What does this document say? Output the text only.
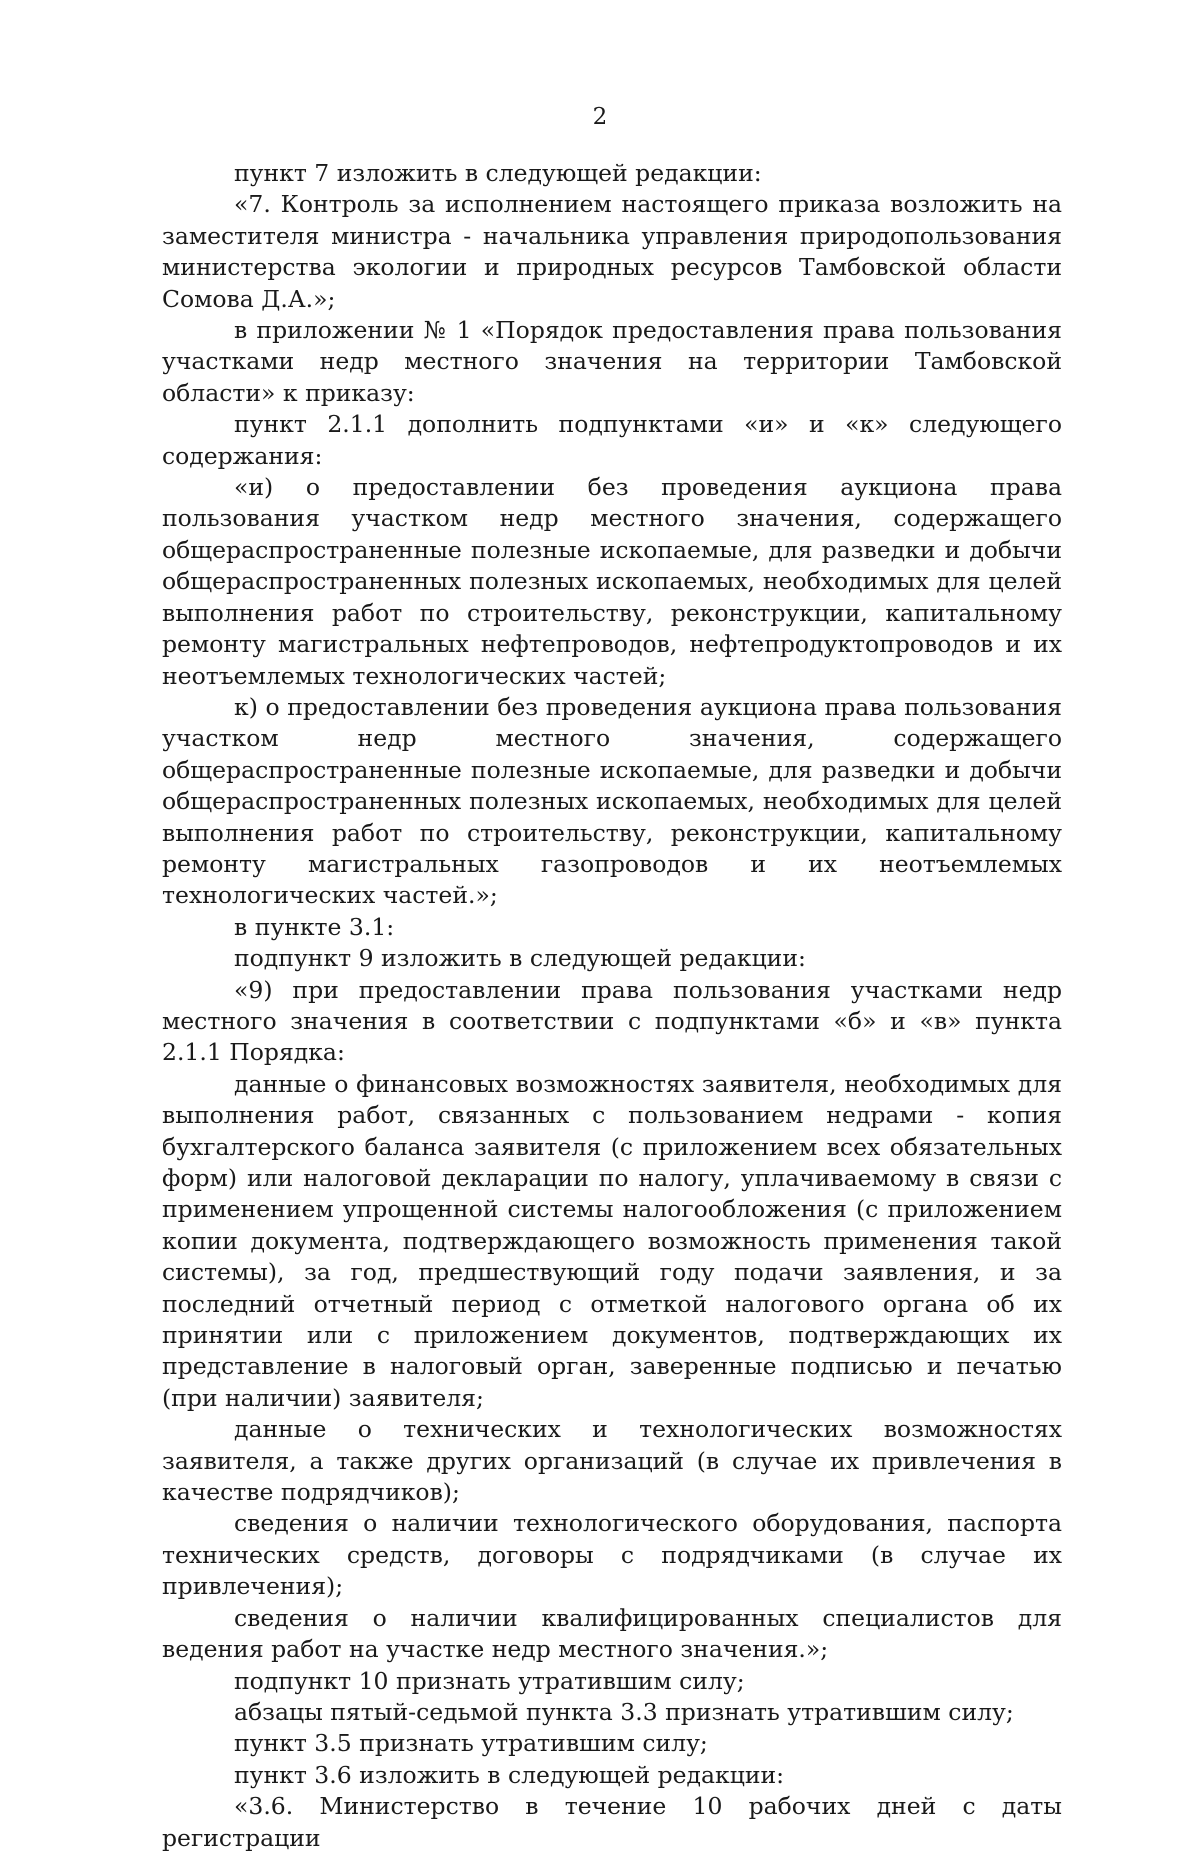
2

пункт 7 изложить в следующей редакции:

«7. Контроль за исполнением настоящего приказа возложить на заместителя министра - начальника управления природопользования министерства экологии и природных ресурсов Тамбовской области Сомова Д.А.»;

в приложении № 1 «Порядок предоставления права пользования участками недр местного значения на территории Тамбовской области» к приказу:

пункт 2.1.1 дополнить подпунктами «и» и «к» следующего содержания:

«и) о предоставлении без проведения аукциона права пользования участком недр местного значения, содержащего общераспространенные полезные ископаемые, для разведки и добычи общераспространенных полезных ископаемых, необходимых для целей выполнения работ по строительству, реконструкции, капитальному ремонту магистральных нефтепроводов, нефтепродуктопроводов и их неотъемлемых технологических частей;

к) о предоставлении без проведения аукциона права пользования участком недр местного значения, содержащего общераспространенные полезные ископаемые, для разведки и добычи общераспространенных полезных ископаемых, необходимых для целей выполнения работ по строительству, реконструкции, капитальному ремонту магистральных газопроводов и их неотъемлемых технологических частей.»;

в пункте 3.1:

подпункт 9 изложить в следующей редакции:

«9) при предоставлении права пользования участками недр местного значения в соответствии с подпунктами «б» и «в» пункта 2.1.1 Порядка:

данные о финансовых возможностях заявителя, необходимых для выполнения работ, связанных с пользованием недрами - копия бухгалтерского баланса заявителя (с приложением всех обязательных форм) или налоговой декларации по налогу, уплачиваемому в связи с применением упрощенной системы налогообложения (с приложением копии документа, подтверждающего возможность применения такой системы), за год, предшествующий году подачи заявления, и за последний отчетный период с отметкой налогового органа об их принятии или с приложением документов, подтверждающих их представление в налоговый орган, заверенные подписью и печатью (при наличии) заявителя;

данные о технических и технологических возможностях заявителя, а также других организаций (в случае их привлечения в качестве подрядчиков);

сведения о наличии технологического оборудования, паспорта технических средств, договоры с подрядчиками (в случае их привлечения);

сведения о наличии квалифицированных специалистов для ведения работ на участке недр местного значения.»;

подпункт 10 признать утратившим силу;

абзацы пятый-седьмой пункта 3.3 признать утратившим силу;

пункт 3.5 признать утратившим силу;

пункт 3.6 изложить в следующей редакции:

«3.6. Министерство в течение 10 рабочих дней с даты регистрации
